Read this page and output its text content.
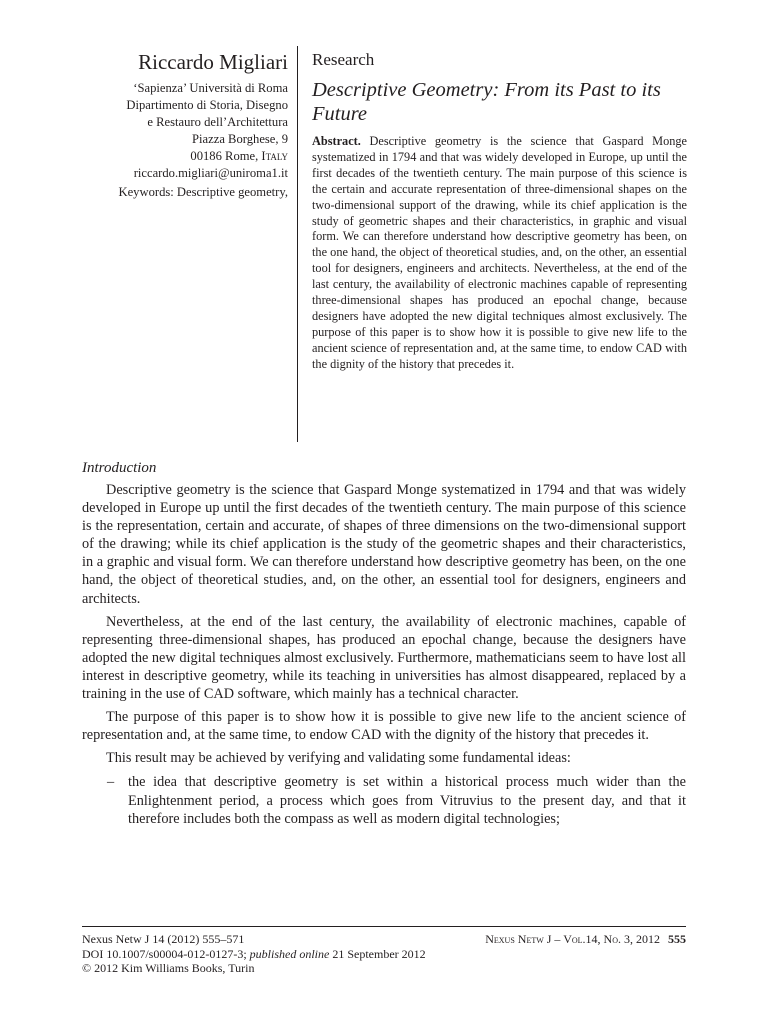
Riccardo Migliari
‘Sapienza’ Università di Roma
Dipartimento di Storia, Disegno
e Restauro dell’Architettura
Piazza Borghese, 9
00186 Rome, Italy
riccardo.migliari@uniroma1.it
Keywords: Descriptive geometry,
Research
Descriptive Geometry: From its Past to its Future

Abstract. Descriptive geometry is the science that Gaspard Monge systematized in 1794 and that was widely developed in Europe, up until the first decades of the twentieth century. The main purpose of this science is the certain and accurate representation of three-dimensional shapes on the two-dimensional support of the drawing, while its chief application is the study of geometric shapes and their characteristics, in graphic and visual form. We can therefore understand how descriptive geometry has been, on the one hand, the object of theoretical studies, and, on the other, an essential tool for designers, engineers and architects. Nevertheless, at the end of the last century, the availability of electronic machines capable of representing three-dimensional shapes has produced an epochal change, because designers have adopted the new digital techniques almost exclusively. The purpose of this paper is to show how it is possible to give new life to the ancient science of representation and, at the same time, to endow CAD with the dignity of the history that precedes it.

Introduction

Descriptive geometry is the science that Gaspard Monge systematized in 1794 and that was widely developed in Europe up until the first decades of the twentieth century. The main purpose of this science is the representation, certain and accurate, of shapes of three dimensions on the two-dimensional support of the drawing; while its chief application is the study of the geometric shapes and their characteristics, in a graphic and visual form. We can therefore understand how descriptive geometry has been, on the one hand, the object of theoretical studies, and, on the other, an essential tool for designers, engineers and architects.

Nevertheless, at the end of the last century, the availability of electronic machines, capable of representing three-dimensional shapes, has produced an epochal change, because the designers have adopted the new digital techniques almost exclusively. Furthermore, mathematicians seem to have lost all interest in descriptive geometry, while its teaching in universities has almost disappeared, replaced by a training in the use of CAD software, which mainly has a technical character.

The purpose of this paper is to show how it is possible to give new life to the ancient science of representation and, at the same time, to endow CAD with the dignity of the history that precedes it.

This result may be achieved by verifying and validating some fundamental ideas:

– the idea that descriptive geometry is set within a historical process much wider than the Enlightenment period, a process which goes from Vitruvius to the present day, and that it therefore includes both the compass as well as modern digital technologies;
Nexus Netw J 14 (2012) 555–571
DOI 10.1007/s00004-012-0127-3; published online 21 September 2012
© 2012 Kim Williams Books, Turin
Nexus Netw J – Vol.14, No. 3, 2012 555
